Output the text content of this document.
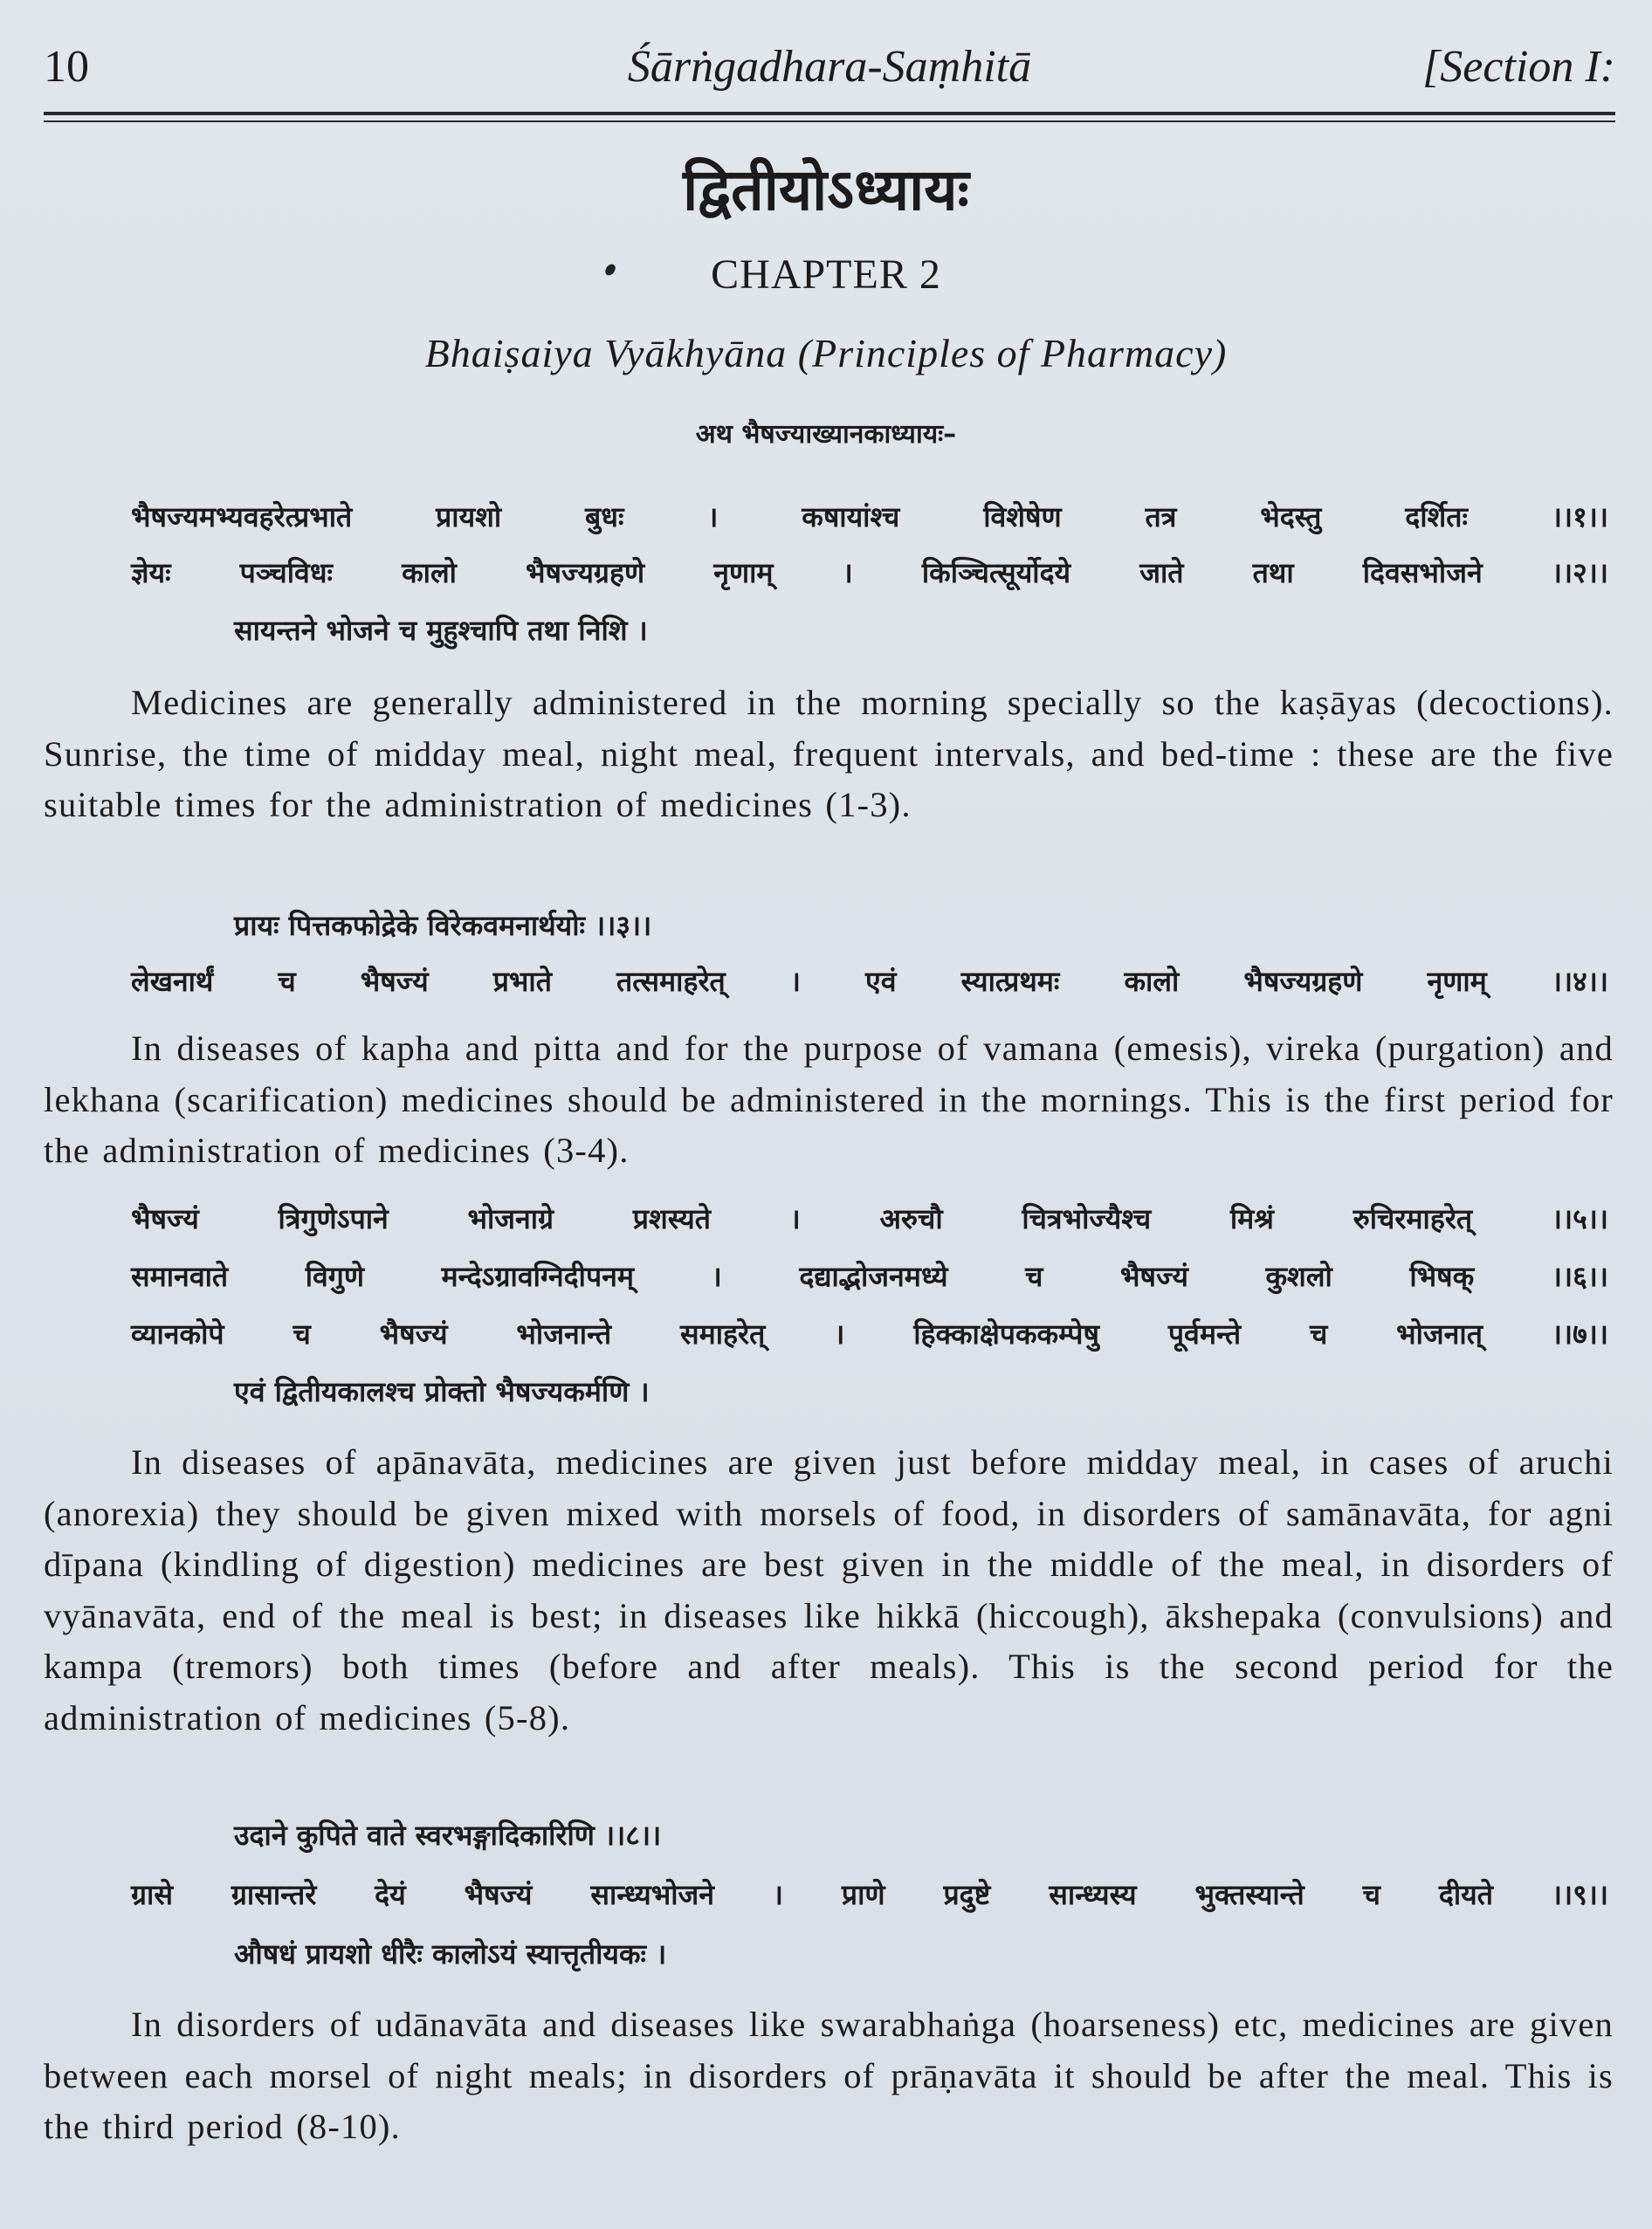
10	Śārṅgadhara-Saṃhitā	[Section I:
द्वितीयोऽध्यायः
CHAPTER 2
Bhaiṣaiya Vyākhyāna (Principles of Pharmacy)
अथ भैषज्याख्यानकाध्यायः–
भैषज्यमभ्यवहरेत्प्रभाते प्रायशो बुधः । कषायांश्च विशेषेण तत्र भेदस्तु दर्शितः ।।१।।
ज्ञेयः पञ्चविधः कालो भैषज्यग्रहणे नृणाम् । किञ्चित्सूर्योदये जाते तथा दिवसभोजने ।।२।।
सायन्तने भोजने च मुहुश्चापि तथा निशि ।

Medicines are generally administered in the morning specially so the kaṣāyas (decoctions). Sunrise, the time of midday meal, night meal, frequent intervals, and bed-time : these are the five suitable times for the administration of medicines (1-3).

प्रायः पित्तकफोद्रेके विरेकवमनार्थयोः ।।३।।
लेखनार्थं च भैषज्यं प्रभाते तत्समाहरेत् । एवं स्यात्प्रथमः कालो भैषज्यग्रहणे नृणाम् ।।४।।

In diseases of kapha and pitta and for the purpose of vamana (emesis), vireka (purgation) and lekhana (scarification) medicines should be administered in the mornings. This is the first period for the administration of medicines (3-4).

भैषज्यं त्रिगुणेऽपाने भोजनाग्रे प्रशस्यते । अरुचौ चित्रभोज्यैश्च मिश्रं रुचिरमाहरेत् ।।५।।
समानवाते विगुणे मन्देऽग्रावग्निदीपनम् । दद्याद्भोजनमध्ये च भैषज्यं कुशलो भिषक् ।।६।।
व्यानकोपे च भैषज्यं भोजनान्ते समाहरेत् । हिक्काक्षेपककम्पेषु पूर्वमन्ते च भोजनात् ।।७।।
एवं द्वितीयकालश्च प्रोक्तो भैषज्यकर्मणि ।

In diseases of apānavāta, medicines are given just before midday meal, in cases of aruchi (anorexia) they should be given mixed with morsels of food, in disorders of samānavāta, for agni dīpana (kindling of digestion) medicines are best given in the middle of the meal, in disorders of vyānavāta, end of the meal is best; in diseases like hikkā (hiccough), ākshepaka (convulsions) and kampa (tremors) both times (before and after meals). This is the second period for the administration of medicines (5-8).

उदाने कुपिते वाते स्वरभङ्गादिकारिणि ।।८।।
ग्रासे ग्रासान्तरे देयं भैषज्यं सान्ध्यभोजने । प्राणे प्रदुष्टे सान्ध्यस्य भुक्तस्यान्ते च दीयते ।।९।।
औषधं प्रायशो धीरैः कालोऽयं स्यात्तृतीयकः ।

In disorders of udānavāta and diseases like swarabhaṅga (hoarseness) etc, medicines are given between each morsel of night meals; in disorders of prāṇavāta it should be after the meal. This is the third period (8-10).
